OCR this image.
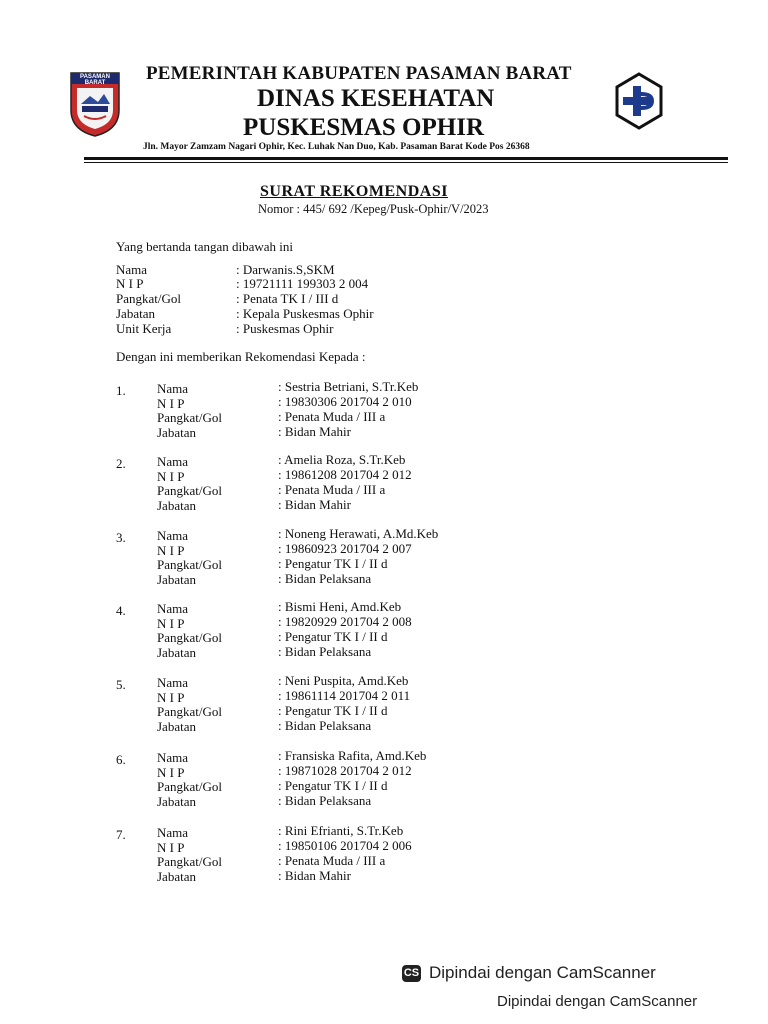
PASAMAN BARAT	PEMERINTAH KABUPATEN PASAMAN BARAT
DINAS KESEHATAN
PUSKESMAS OPHIR
Jln. Mayor Zamzam Nagari Ophir, Kec. Luhak Nan Duo, Kab. Pasaman Barat Kode Pos 26368
SURAT REKOMENDASI
Nomor : 445/ 692 /Kepeg/Pusk-Ophir/V/2023
Yang bertanda tangan dibawah ini
Nama	: Darwanis.S,SKM
N I P	: 19721111 199303 2 004
Pangkat/Gol	: Penata TK I / III d
Jabatan	: Kepala Puskesmas Ophir
Unit Kerja	: Puskesmas Ophir
Dengan ini memberikan Rekomendasi Kepada :
1. Nama	: Sestria Betriani, S.Tr.Keb
N I P	: 19830306 201704 2 010
Pangkat/Gol	: Penata Muda / III a
Jabatan	: Bidan Mahir
2. Nama	: Amelia Roza, S.Tr.Keb
N I P	: 19861208 201704 2 012
Pangkat/Gol	: Penata Muda / III a
Jabatan	: Bidan Mahir
3. Nama	: Noneng Herawati, A.Md.Keb
N I P	: 19860923 201704 2 007
Pangkat/Gol	: Pengatur TK I / II d
Jabatan	: Bidan Pelaksana
4. Nama	: Bismi Heni, Amd.Keb
N I P	: 19820929 201704 2 008
Pangkat/Gol	: Pengatur TK I / II d
Jabatan	: Bidan Pelaksana
5. Nama	: Neni Puspita, Amd.Keb
N I P	: 19861114 201704 2 011
Pangkat/Gol	: Pengatur TK I / II d
Jabatan	: Bidan Pelaksana
6. Nama	: Fransiska Rafita, Amd.Keb
N I P	: 19871028 201704 2 012
Pangkat/Gol	: Pengatur TK I / II d
Jabatan	: Bidan Pelaksana
7. Nama	: Rini Efrianti, S.Tr.Keb
N I P	: 19850106 201704 2 006
Pangkat/Gol	: Penata Muda / III a
Jabatan	: Bidan Mahir
CS Dipindai dengan CamScanner
Dipindai dengan CamScanner
